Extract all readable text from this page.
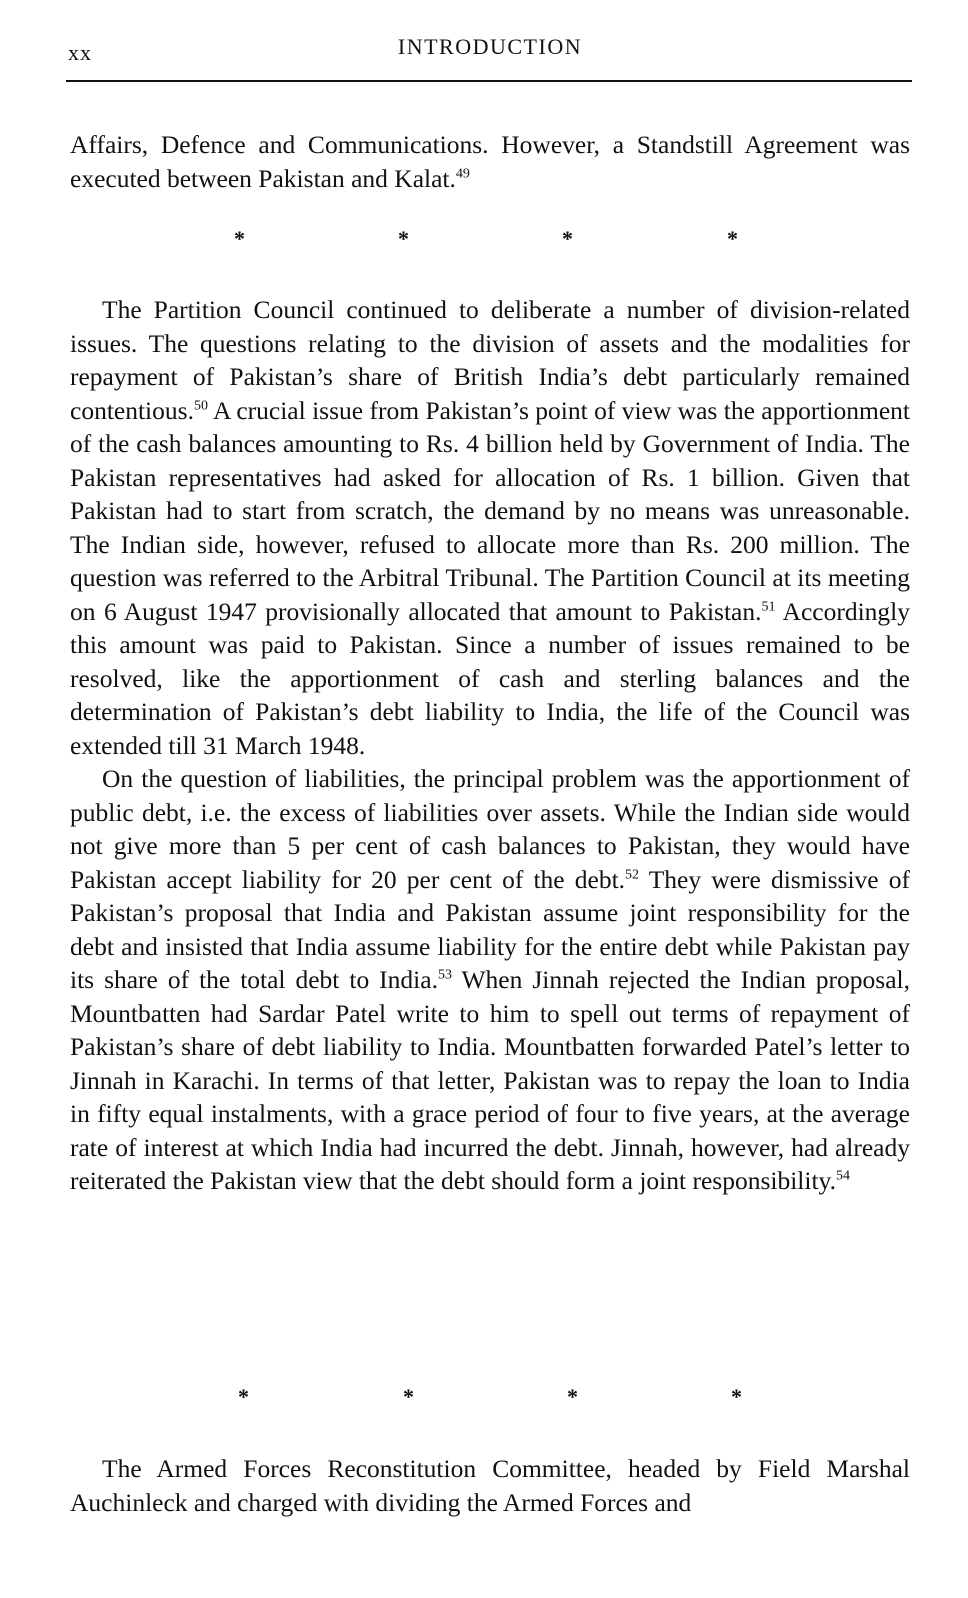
xx	INTRODUCTION

Affairs, Defence and Communications. However, a Standstill Agreement was executed between Pakistan and Kalat.$^{49}$

*	*	*	*

The Partition Council continued to deliberate a number of division-related issues. The questions relating to the division of assets and the modalities for repayment of Pakistan’s share of British India’s debt particularly remained contentious.$^{50}$ A crucial issue from Pakistan’s point of view was the apportionment of the cash balances amounting to Rs. 4 billion held by Government of India. The Pakistan representatives had asked for allocation of Rs. 1 billion. Given that Pakistan had to start from scratch, the demand by no means was unreasonable. The Indian side, however, refused to allocate more than Rs. 200 million. The question was referred to the Arbitral Tribunal. The Partition Council at its meeting on 6 August 1947 provisionally allocated that amount to Pakistan.$^{51}$ Accordingly this amount was paid to Pakistan. Since a number of issues remained to be resolved, like the apportionment of cash and sterling balances and the determination of Pakistan’s debt liability to India, the life of the Council was extended till 31 March 1948.

On the question of liabilities, the principal problem was the apportionment of public debt, i.e. the excess of liabilities over assets. While the Indian side would not give more than 5 per cent of cash balances to Pakistan, they would have Pakistan accept liability for 20 per cent of the debt.$^{52}$ They were dismissive of Pakistan’s proposal that India and Pakistan assume joint responsibility for the debt and insisted that India assume liability for the entire debt while Pakistan pay its share of the total debt to India.$^{53}$ When Jinnah rejected the Indian proposal, Mountbatten had Sardar Patel write to him to spell out terms of repayment of Pakistan’s share of debt liability to India. Mountbatten forwarded Patel’s letter to Jinnah in Karachi. In terms of that letter, Pakistan was to repay the loan to India in fifty equal instalments, with a grace period of four to five years, at the average rate of interest at which India had incurred the debt. Jinnah, however, had already reiterated the Pakistan view that the debt should form a joint responsibility.$^{54}$

*	*	*	*

The Armed Forces Reconstitution Committee, headed by Field Marshal Auchinleck and charged with dividing the Armed Forces and
